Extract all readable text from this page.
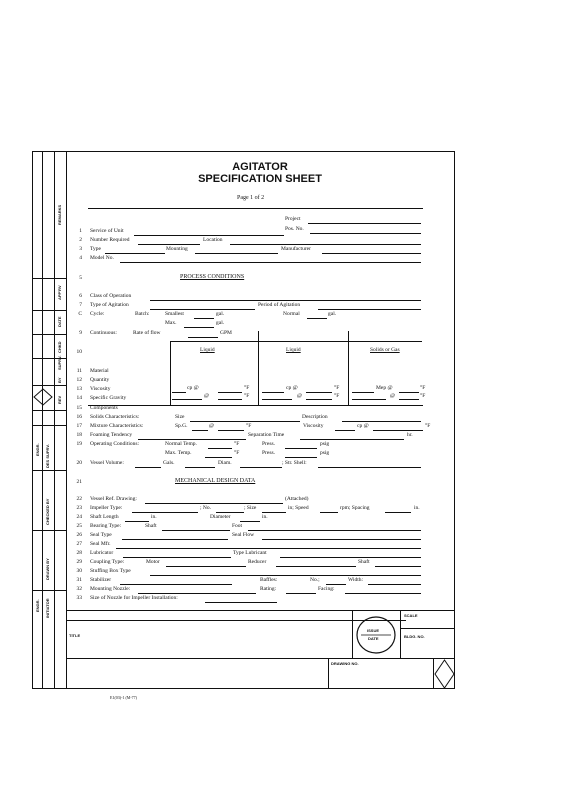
REMARKS
APP'RV
DATE
CHKD
SUPRV.
BY
REV
ENGR. DES SUPRV.
CHECKED BY
DRAWN BY
INITIATOR
ENGR.
AGITATOR
SPECIFICATION SHEET
Page 1 of 2
Project
Pos. No.
1 Service of Unit
2 Number Required	Location
3 Type	Mounting	Manufacturer
4 Model No.
5	PROCESS CONDITIONS
6 Class of Operation
7 Type of Agitation	Period of Agitation
C Cycle:	Batch:	Smallest	gal.	Normal	gal.
Max.	gal.
9 Continuous:	Rate of flow	GPM
10	Liquid	Liquid	Solids or Gas
11 Material
12 Quantity
13 Viscosity	cp @	°F	cp @	°F	Mep @	°F
14 Specific Gravity	@	°F	@	°F	@	°F
15 Components
16 Solids Characteristics:	Size	Description
17 Mixture Characteristics:	Sp.G.	@	°F	Viscosity	cp @	°F
18 Foaming Tendency	Separation Time	hr.
19 Operating Conditions:	Normal Temp.	°F	Press.	psig
Max. Temp.	°F	Press.	psig
20 Vessel Volume:	Gals.	Diam.	; Str. Shell:
21	MECHANICAL DESIGN DATA
22 Vessel Ref. Drawing:	(Attached)
23 Impeller Type:	; No.	; Size	in; Speed	rpm; Spacing	in.
24 Shaft Length	in.	Diameter	in.
25 Bearing Type:	Shaft	Foot
26 Seal Type	Seal Flow
27 Seal Mfr.
28 Lubricator	Type Lubricant
29 Coupling Type:	Motor	Reducer	Shaft
30 Stuffing Box Type
31 Stabilizer	Baffles:	No.;	Width:
32 Mounting Nozzle:	Rating:	Facing:
33 Size of Nozzle for Impeller Installation:
TITLE
SCALE
BLDG. NO.
DRAWING NO.
ISSUE
DATE
E1(03)-1 (M-77)
